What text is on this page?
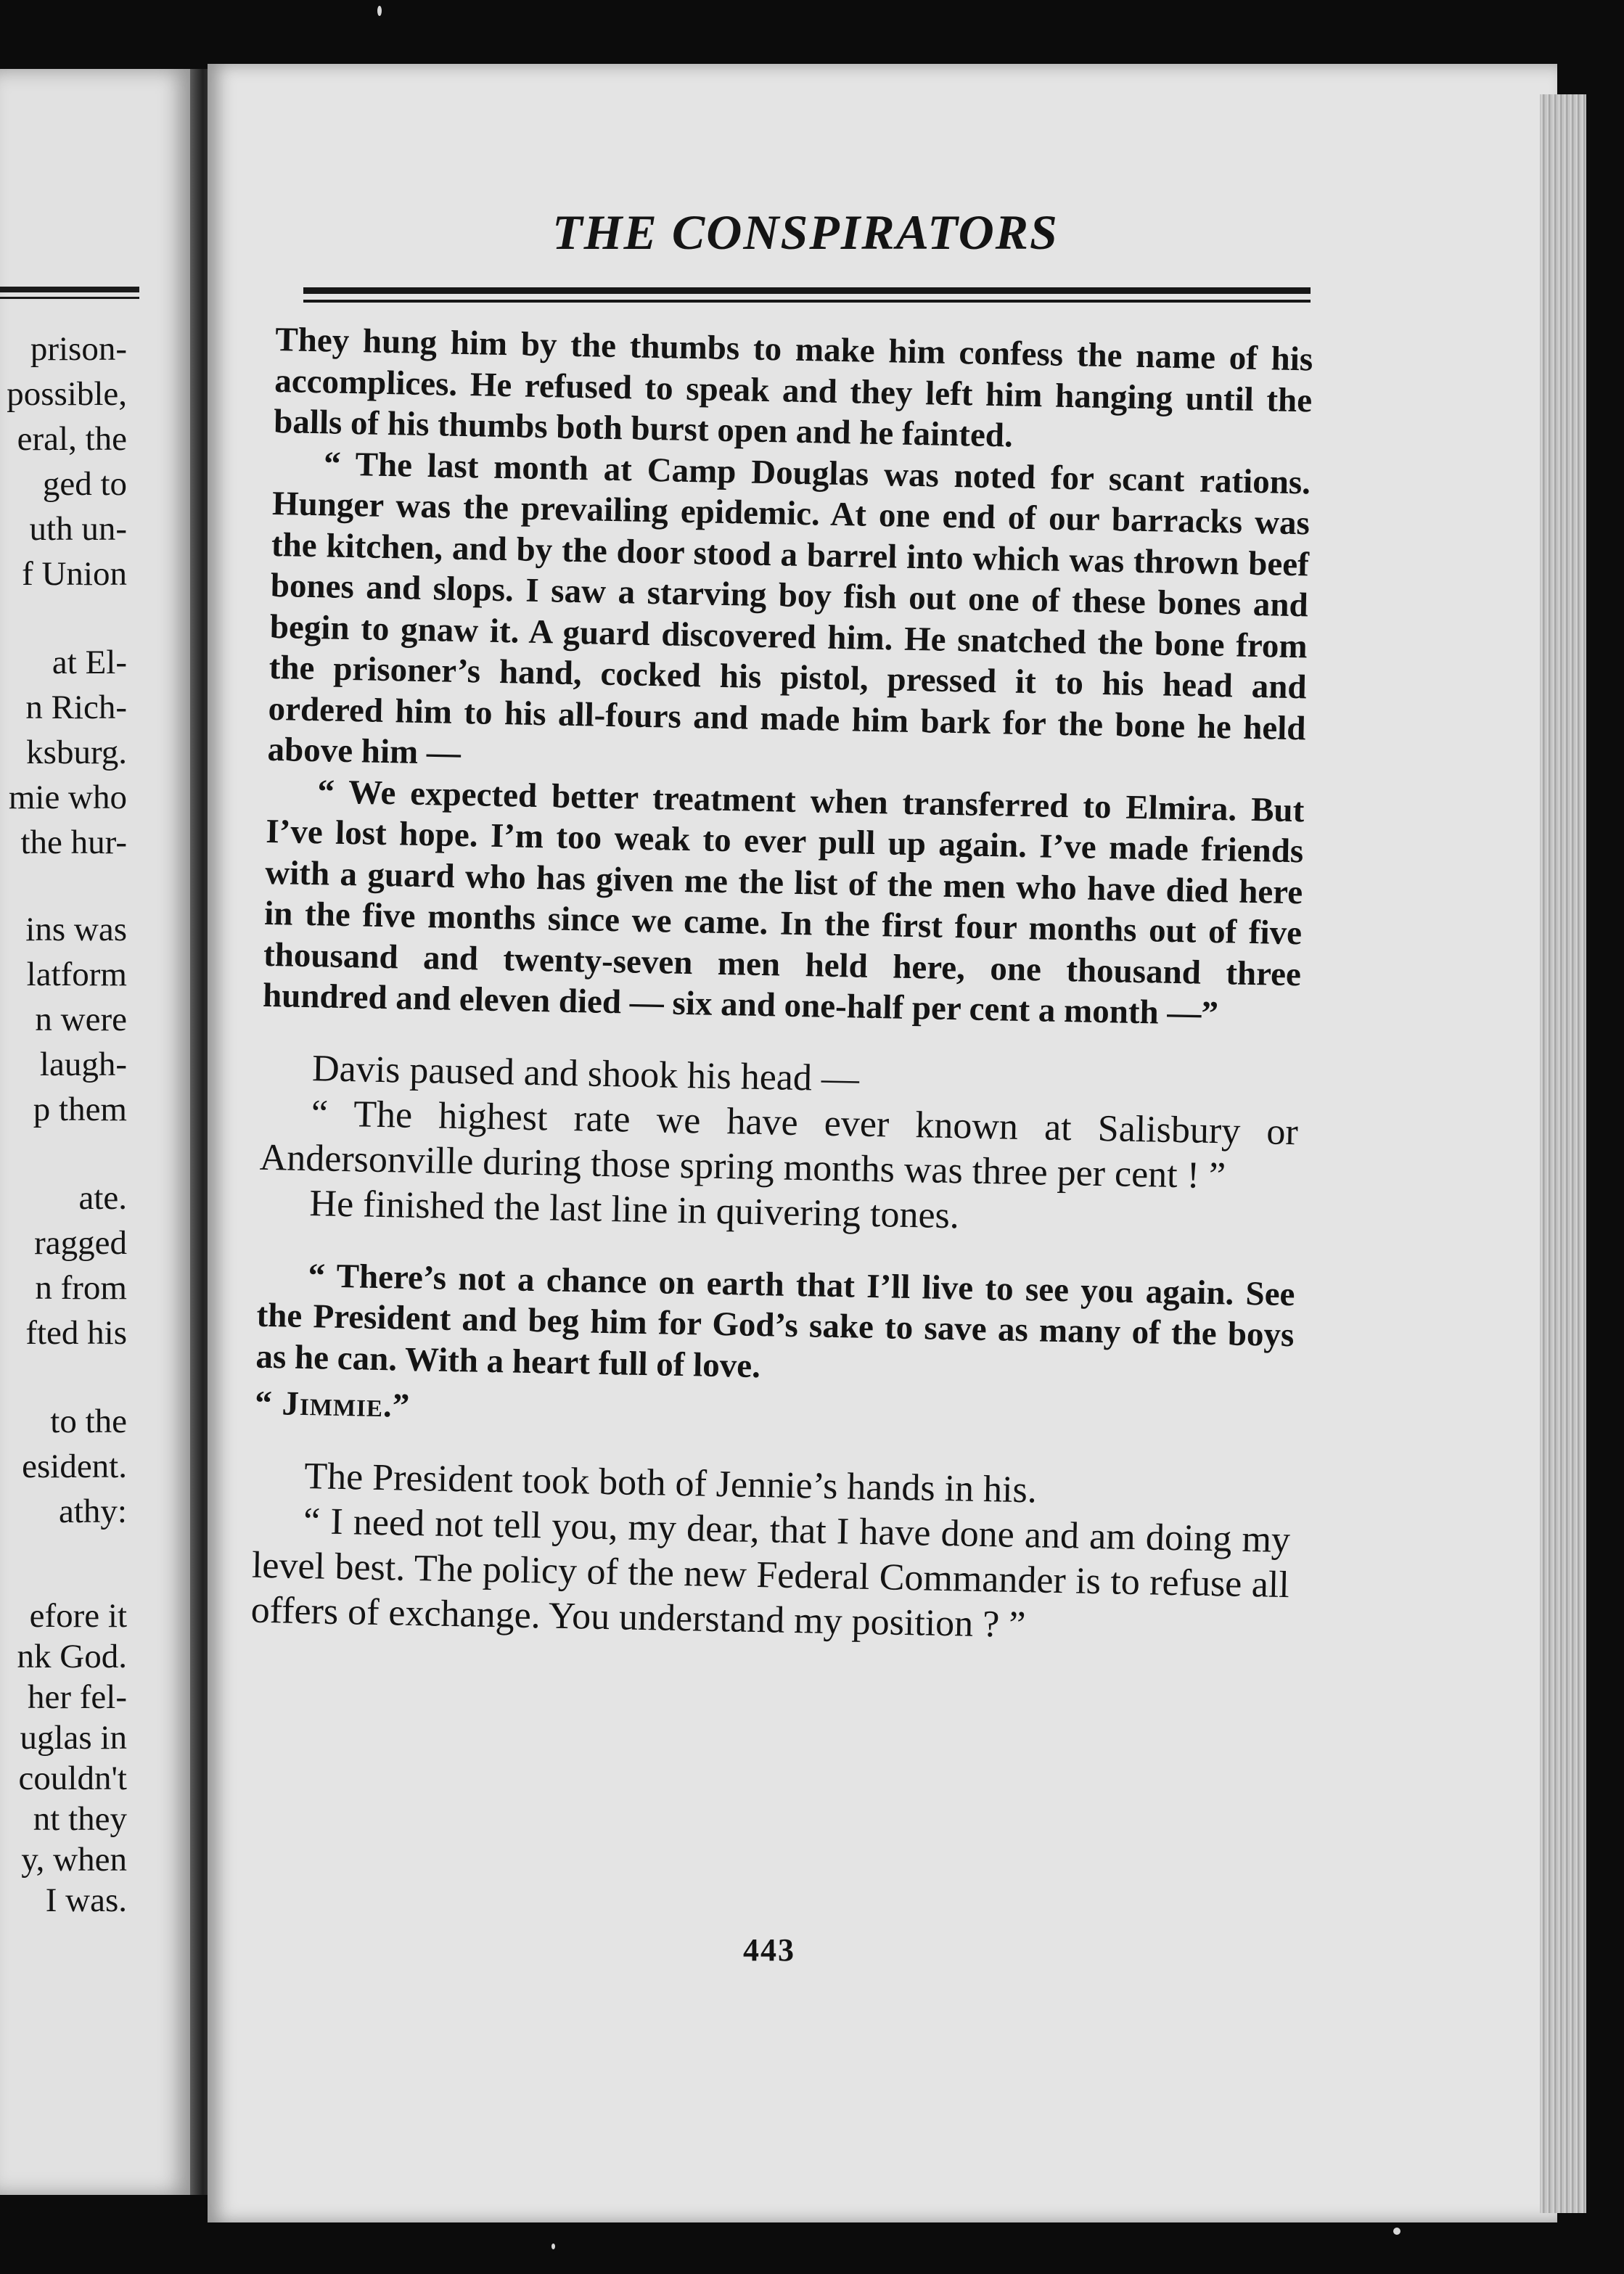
prison-
possible,
eral, the
ged to
uth un-
f Union
at El-
n Rich-
ksburg.
mie who
the hur-
ins was
latform
n were
laugh-
p them
ate.
ragged
n from
fted his
to the
esident.
athy:
efore it
nk God.
her fel-
uglas in
couldn't
nt they
y, when
I was.
THE CONSPIRATORS

They hung him by the thumbs to make him confess the name of his accomplices. He refused to speak and they left him hanging until the balls of his thumbs both burst open and he fainted.

“ The last month at Camp Douglas was noted for scant rations. Hunger was the prevailing epidemic. At one end of our barracks was the kitchen, and by the door stood a barrel into which was thrown beef bones and slops. I saw a starving boy fish out one of these bones and begin to gnaw it. A guard discovered him. He snatched the bone from the prisoner’s hand, cocked his pistol, pressed it to his head and ordered him to his all-fours and made him bark for the bone he held above him —

“ We expected better treatment when transferred to Elmira. But I’ve lost hope. I’m too weak to ever pull up again. I’ve made friends with a guard who has given me the list of the men who have died here in the five months since we came. In the first four months out of five thousand and twenty-seven men held here, one thousand three hundred and eleven died — six and one-half per cent a month —”

Davis paused and shook his head —

“ The highest rate we have ever known at Salisbury or Andersonville during those spring months was three per cent ! ”

He finished the last line in quivering tones.

“ There’s not a chance on earth that I’ll live to see you again. See the President and beg him for God’s sake to save as many of the boys as he can. With a heart full of love.

“ Jimmie.”

The President took both of Jennie’s hands in his.

“ I need not tell you, my dear, that I have done and am doing my level best. The policy of the new Federal Commander is to refuse all offers of exchange. You understand my position ? ”

443
